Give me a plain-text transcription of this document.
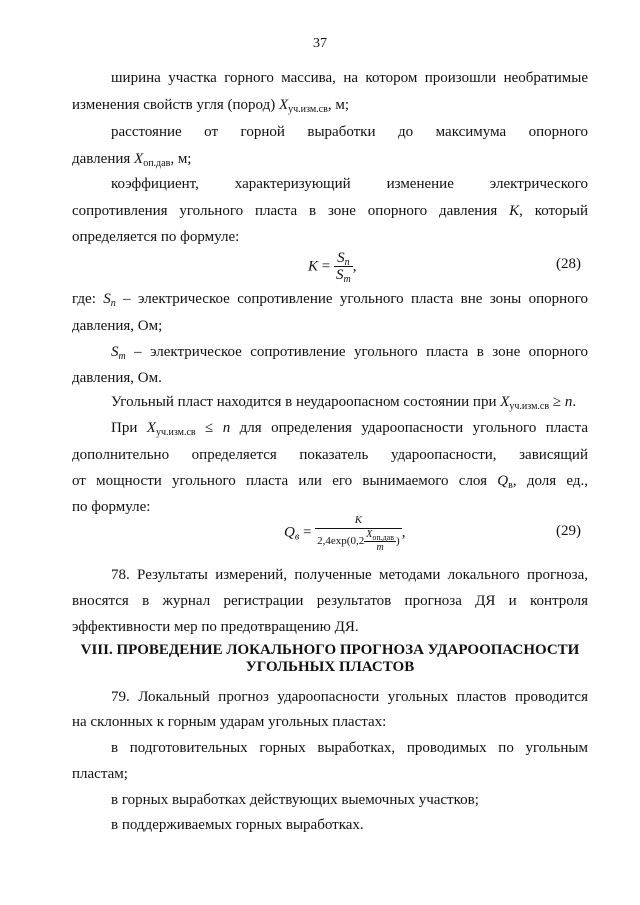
37
ширина участка горного массива, на котором произошли необратимые
изменения свойств угля (пород) $X_{уч.изм.св}$, м;
расстояние от горной выработки до максимума опорного
давления $X_{оп.дав}$, м;
коэффициент, характеризующий изменение электрического
сопротивления угольного пласта в зоне опорного давления K, который
определяется по формуле:
$K = \frac{S_n}{S_m}$ ,	(28)
где: $S_n$ – электрическое сопротивление угольного пласта вне зоны опорного
давления, Ом;
$S_m$ – электрическое сопротивление угольного пласта в зоне опорного
давления, Ом.
Угольный пласт находится в неудароопасном состоянии при $X_{уч.изм.св} \ge n$.
При $X_{уч.изм.св} \le n$ для определения удароопасности угольного пласта
дополнительно определяется показатель удароопасности, зависящий
от мощности угольного пласта или его вынимаемого слоя $Q_в$, доля ед.,
по формуле:
$Q_в = \frac{K}{2,4\exp(0,2 \frac{X_{оп.дав}}{m} )}$ ,	(29)
78. Результаты измерений, полученные методами локального прогноза,
вносятся в журнал регистрации результатов прогноза ДЯ и контроля
эффективности мер по предотвращению ДЯ.
VIII. ПРОВЕДЕНИЕ ЛОКАЛЬНОГО ПРОГНОЗА УДАРООПАСНОСТИ
УГОЛЬНЫХ ПЛАСТОВ
79. Локальный прогноз удароопасности угольных пластов проводится
на склонных к горным ударам угольных пластах:
в подготовительных горных выработках, проводимых по угольным
пластам;
в горных выработках действующих выемочных участков;
в поддерживаемых горных выработках.
